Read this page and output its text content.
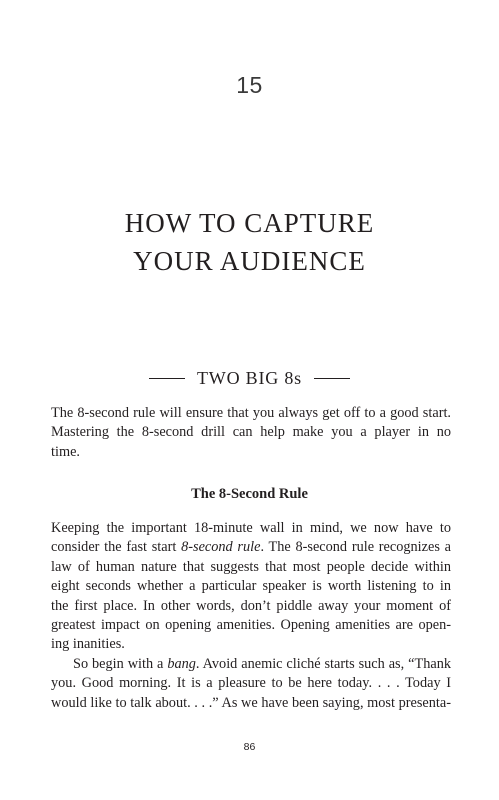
15
HOW TO CAPTURE
YOUR AUDIENCE
TWO BIG 8s
The 8-second rule will ensure that you always get off to a good start.
Mastering the 8-second drill can help make you a player in no
time.
The 8-Second Rule

Keeping the important 18-minute wall in mind, we now have to
consider the fast start 8-second rule. The 8-second rule recognizes a
law of human nature that suggests that most people decide within
eight seconds whether a particular speaker is worth listening to in
the first place. In other words, don’t piddle away your moment of
greatest impact on opening amenities. Opening amenities are open-
ing inanities.

So begin with a bang. Avoid anemic cliché starts such as, “Thank
you. Good morning. It is a pleasure to be here today. . . . Today I
would like to talk about. . . .” As we have been saying, most presenta-

86
